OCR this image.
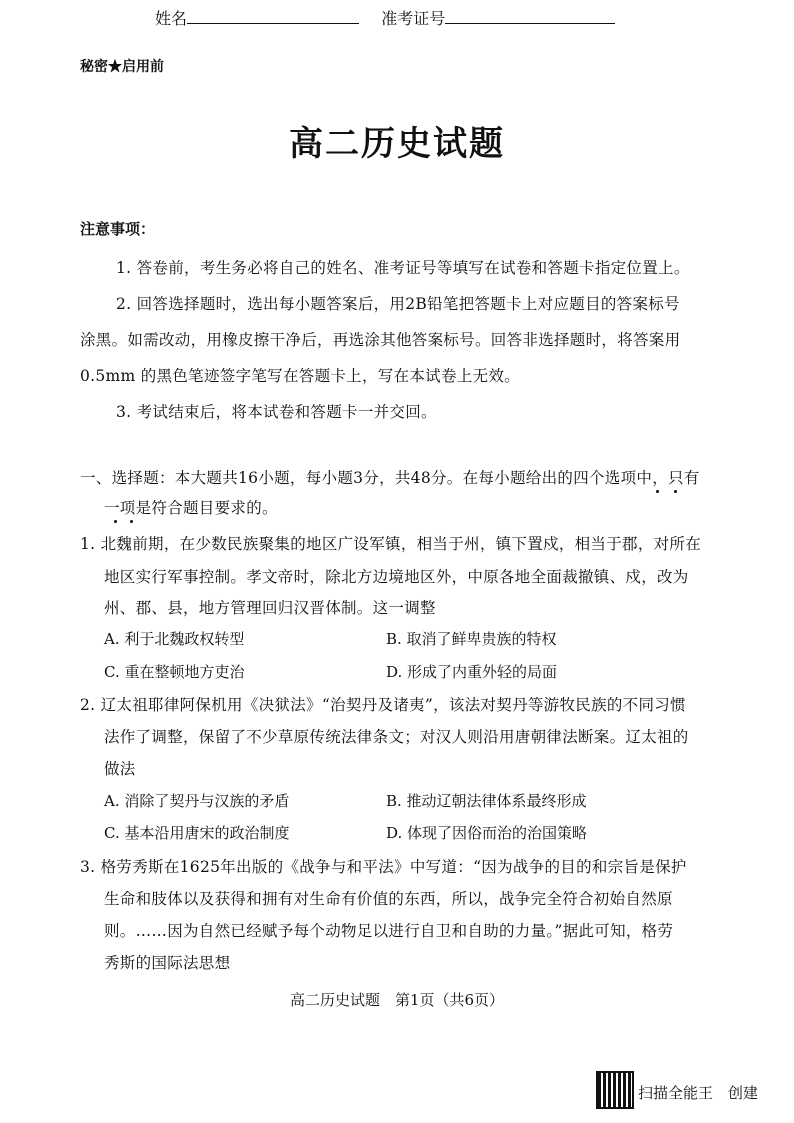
姓名	准考证号
秘密★启用前
高二历史试题
注意事项：
1. 答卷前，考生务必将自己的姓名、准考证号等填写在试卷和答题卡指定位置上。
2. 回答选择题时，选出每小题答案后，用2B铅笔把答题卡上对应题目的答案标号
涂黑。如需改动，用橡皮擦干净后，再选涂其他答案标号。回答非选择题时，将答案用
0.5mm 的黑色笔迹签字笔写在答题卡上，写在本试卷上无效。
3. 考试结束后，将本试卷和答题卡一并交回。
一、选择题：本大题共16小题，每小题3分，共48分。在每小题给出的四个选项中，只有
一项是符合题目要求的。
1. 北魏前期，在少数民族聚集的地区广设军镇，相当于州，镇下置戍，相当于郡，对所在
地区实行军事控制。孝文帝时，除北方边境地区外，中原各地全面裁撤镇、戍，改为
州、郡、县，地方管理回归汉晋体制。这一调整
A. 利于北魏政权转型	B. 取消了鲜卑贵族的特权
C. 重在整顿地方吏治	D. 形成了内重外轻的局面
2. 辽太祖耶律阿保机用《决狱法》“治契丹及诸夷”，该法对契丹等游牧民族的不同习惯
法作了调整，保留了不少草原传统法律条文；对汉人则沿用唐朝律法断案。辽太祖的
做法
A. 消除了契丹与汉族的矛盾	B. 推动辽朝法律体系最终形成
C. 基本沿用唐宋的政治制度	D. 体现了因俗而治的治国策略
3. 格劳秀斯在1625年出版的《战争与和平法》中写道：“因为战争的目的和宗旨是保护
生命和肢体以及获得和拥有对生命有价值的东西，所以，战争完全符合初始自然原
则。……因为自然已经赋予每个动物足以进行自卫和自助的力量。”据此可知，格劳
秀斯的国际法思想
高二历史试题　第1页（共6页）
扫描全能王　创建
